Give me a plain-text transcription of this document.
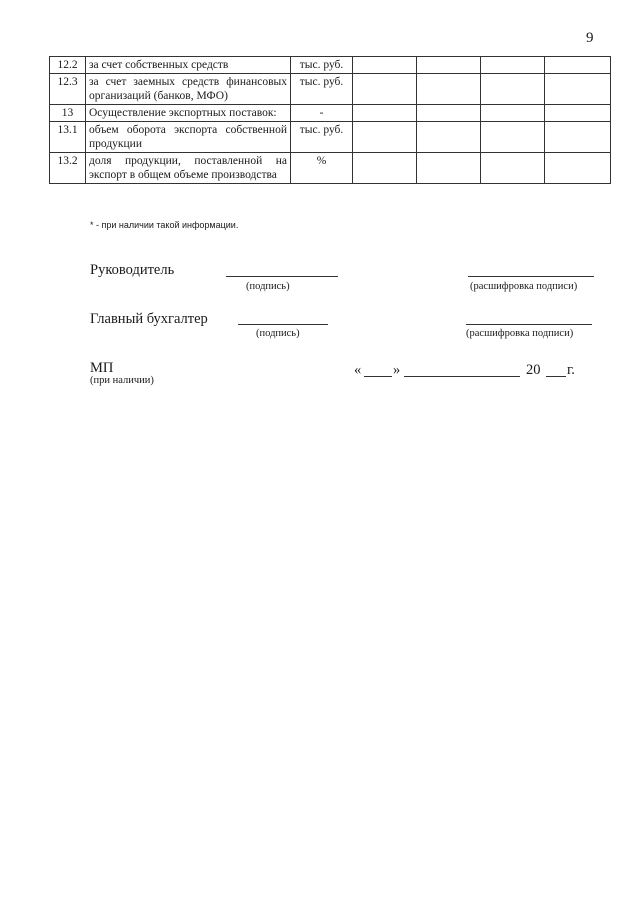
9
12.2	за счет собственных средств	тыс. руб.				
12.3	за счет заемных средств финансовых организаций (банков, МФО)	тыс. руб.				
13	Осуществление экспортных поставок:	-				
13.1	объем оборота экспорта собственной продукции	тыс. руб.				
13.2	доля продукции, поставленной на экспорт в общем объеме производства	%				
* - при наличии такой информации.
Руководитель
(подпись)	(расшифровка подписи)
Главный бухгалтер
(подпись)	(расшифровка подписи)
МП
(при наличии)
« »	20 г.
